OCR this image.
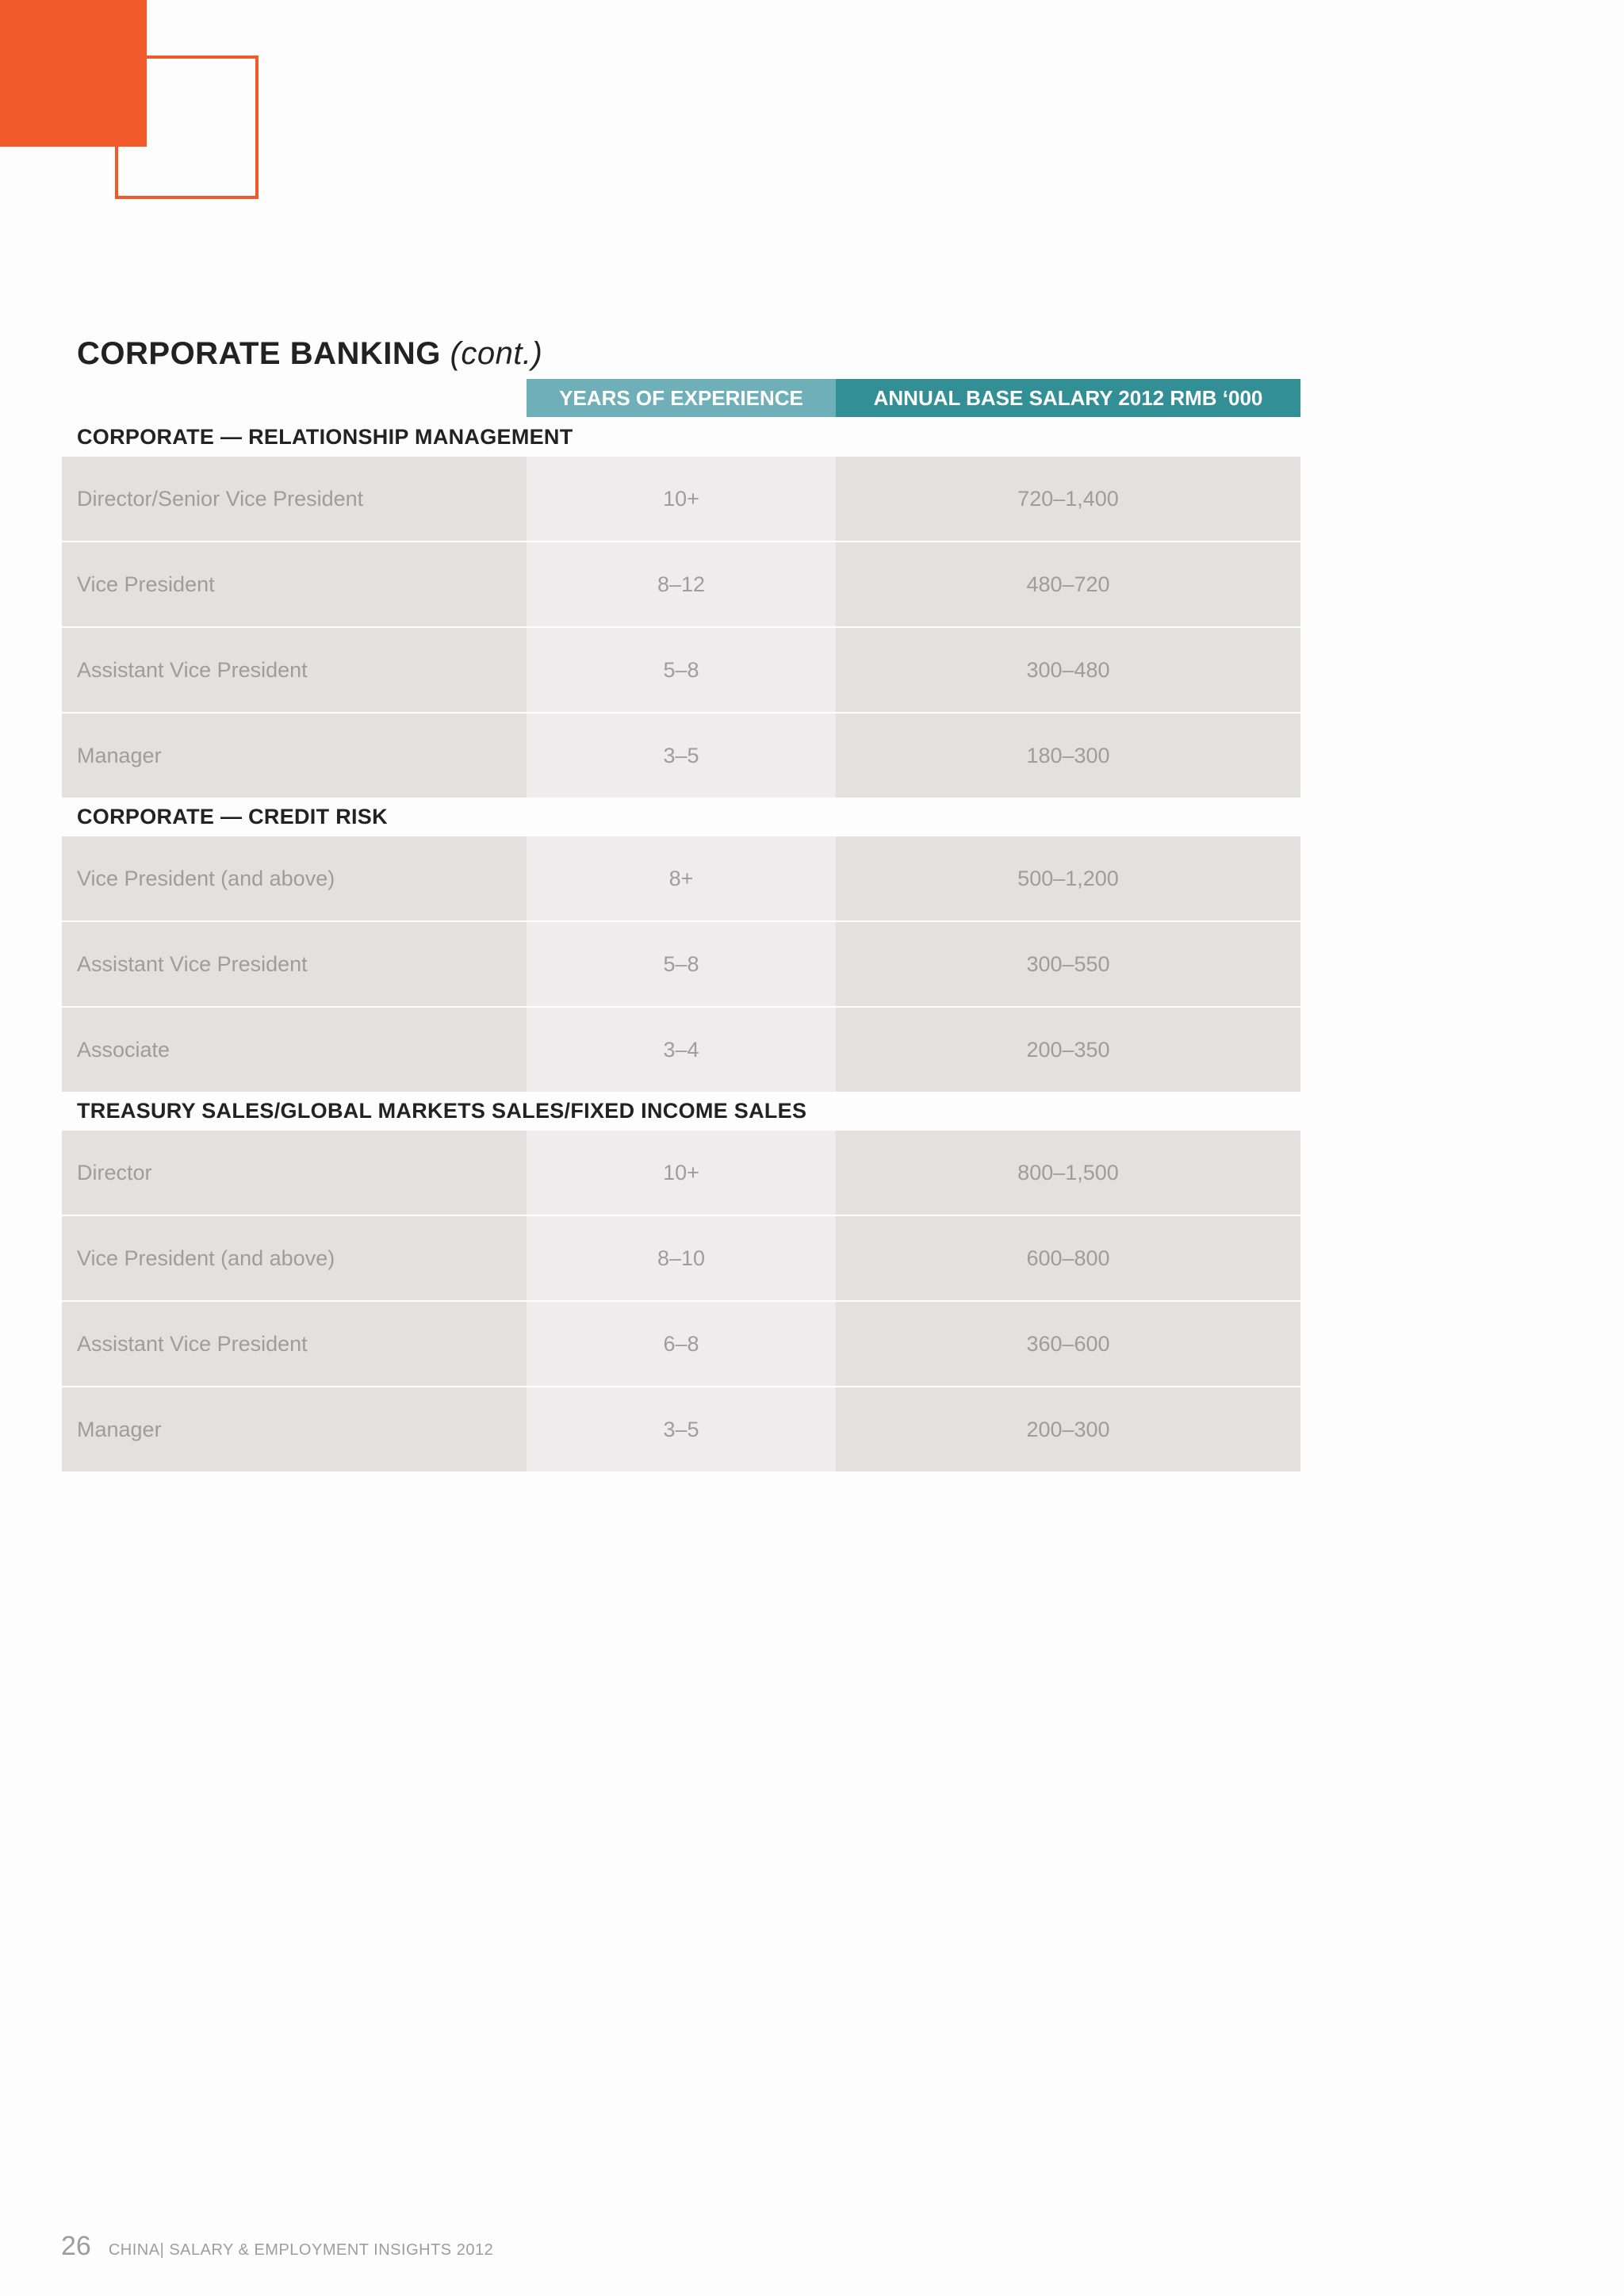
CORPORATE BANKING (cont.)
YEARS OF EXPERIENCE	ANNUAL BASE SALARY 2012 RMB ‘000
CORPORATE — RELATIONSHIP MANAGEMENT
Director/Senior Vice President	10+	720–1,400
Vice President	8–12	480–720
Assistant Vice President	5–8	300–480
Manager	3–5	180–300
CORPORATE — CREDIT RISK
Vice President (and above)	8+	500–1,200
Assistant Vice President	5–8	300–550
Associate	3–4	200–350
TREASURY SALES/GLOBAL MARKETS SALES/FIXED INCOME SALES
Director	10+	800–1,500
Vice President (and above)	8–10	600–800
Assistant Vice President	6–8	360–600
Manager	3–5	200–300
26 CHINA | SALARY & EMPLOYMENT INSIGHTS 2012
